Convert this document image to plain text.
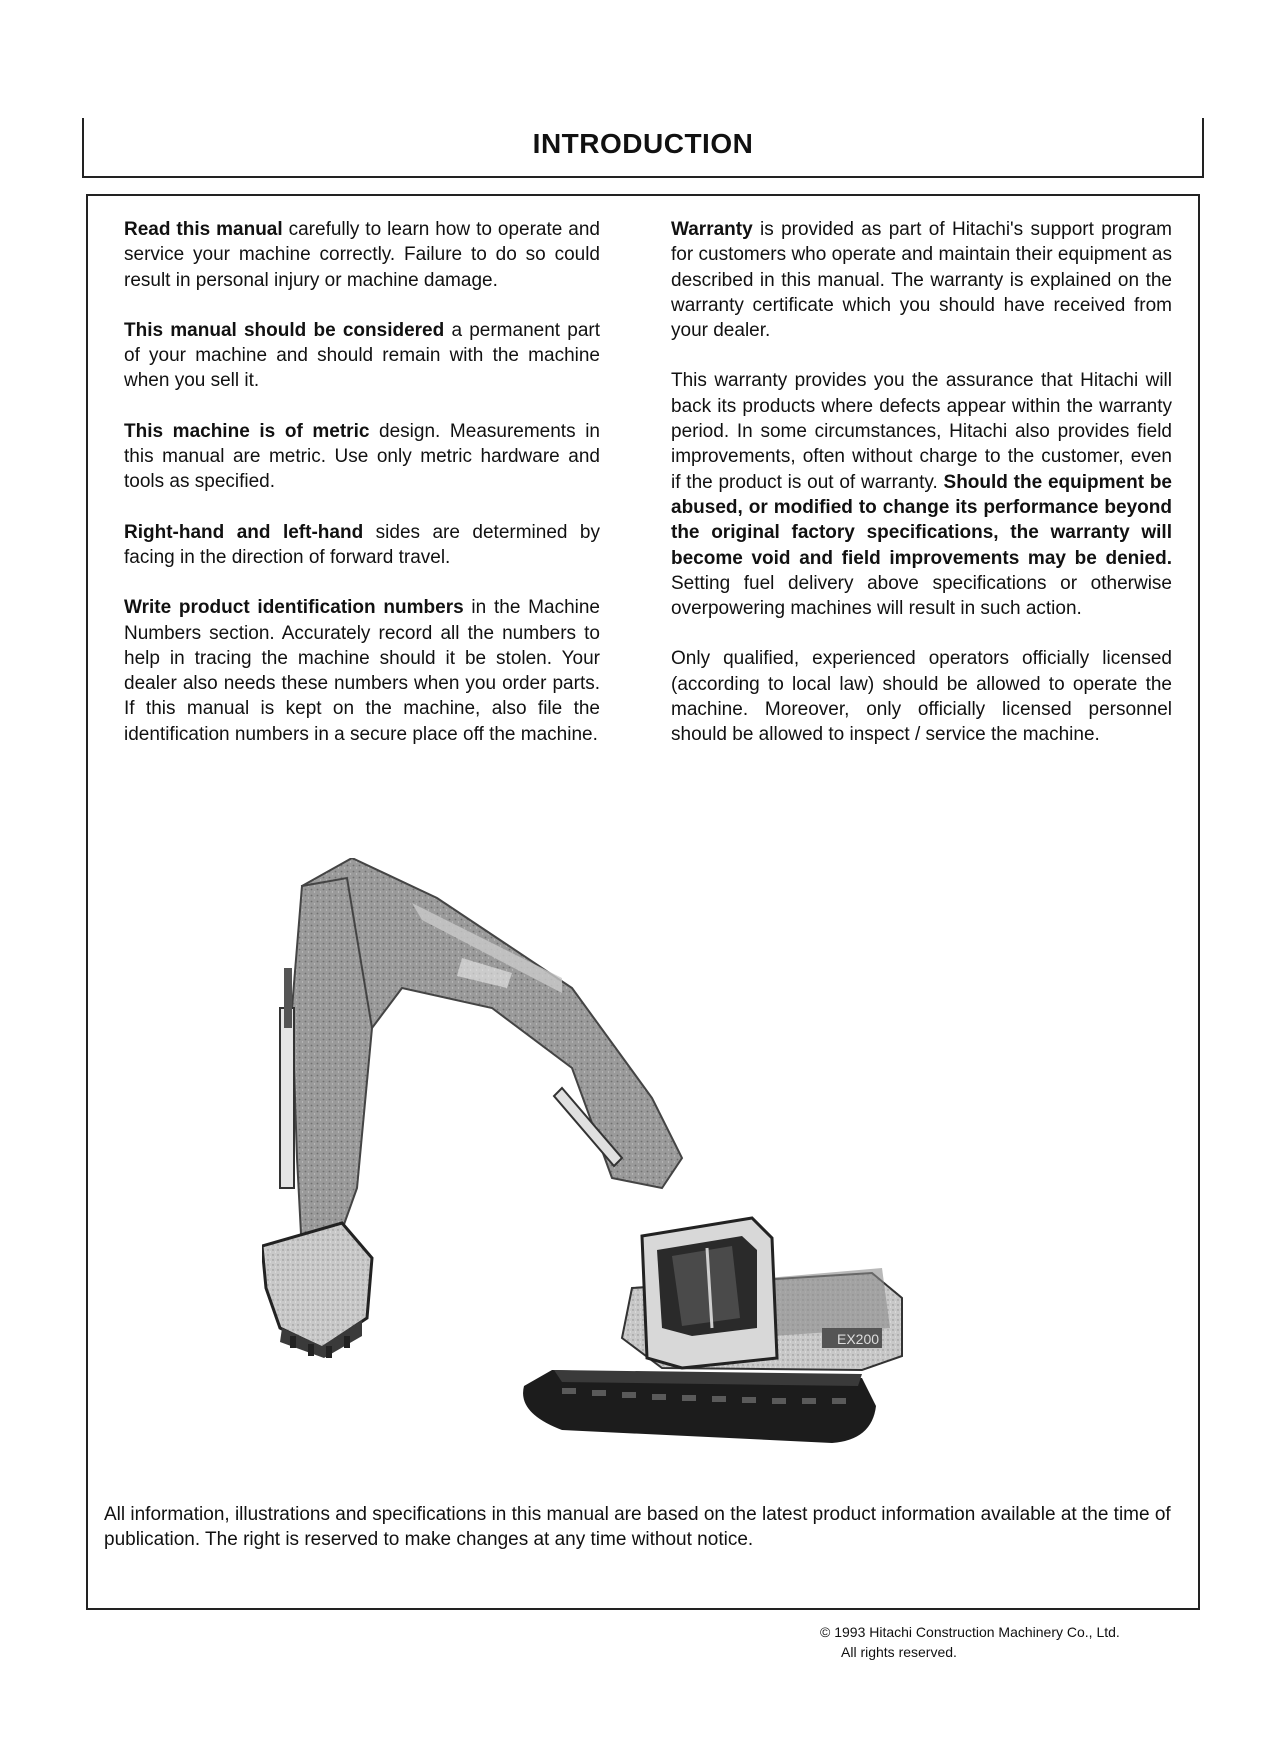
INTRODUCTION

Read this manual carefully to learn how to operate and service your machine correctly. Failure to do so could result in personal injury or machine damage.

This manual should be considered a permanent part of your machine and should remain with the machine when you sell it.

This machine is of metric design. Measurements in this manual are metric. Use only metric hardware and tools as specified.

Right-hand and left-hand sides are determined by facing in the direction of forward travel.

Write product identification numbers in the Machine Numbers section. Accurately record all the numbers to help in tracing the machine should it be stolen. Your dealer also needs these numbers when you order parts. If this manual is kept on the machine, also file the identification numbers in a secure place off the machine.

Warranty is provided as part of Hitachi's support program for customers who operate and maintain their equipment as described in this manual. The warranty is explained on the warranty certificate which you should have received from your dealer.

This warranty provides you the assurance that Hitachi will back its products where defects appear within the warranty period. In some circumstances, Hitachi also provides field improvements, often without charge to the customer, even if the product is out of warranty. Should the equipment be abused, or modified to change its performance beyond the original factory specifications, the warranty will become void and field improvements may be denied. Setting fuel delivery above specifications or otherwise overpowering machines will result in such action.

Only qualified, experienced operators officially licensed (according to local law) should be allowed to operate the machine. Moreover, only officially licensed personnel should be allowed to inspect / service the machine.

EX200
All information, illustrations and specifications in this manual are based on the latest product information available at the time of publication. The right is reserved to make changes at any time without notice.
© 1993 Hitachi Construction Machinery Co., Ltd.
All rights reserved.
